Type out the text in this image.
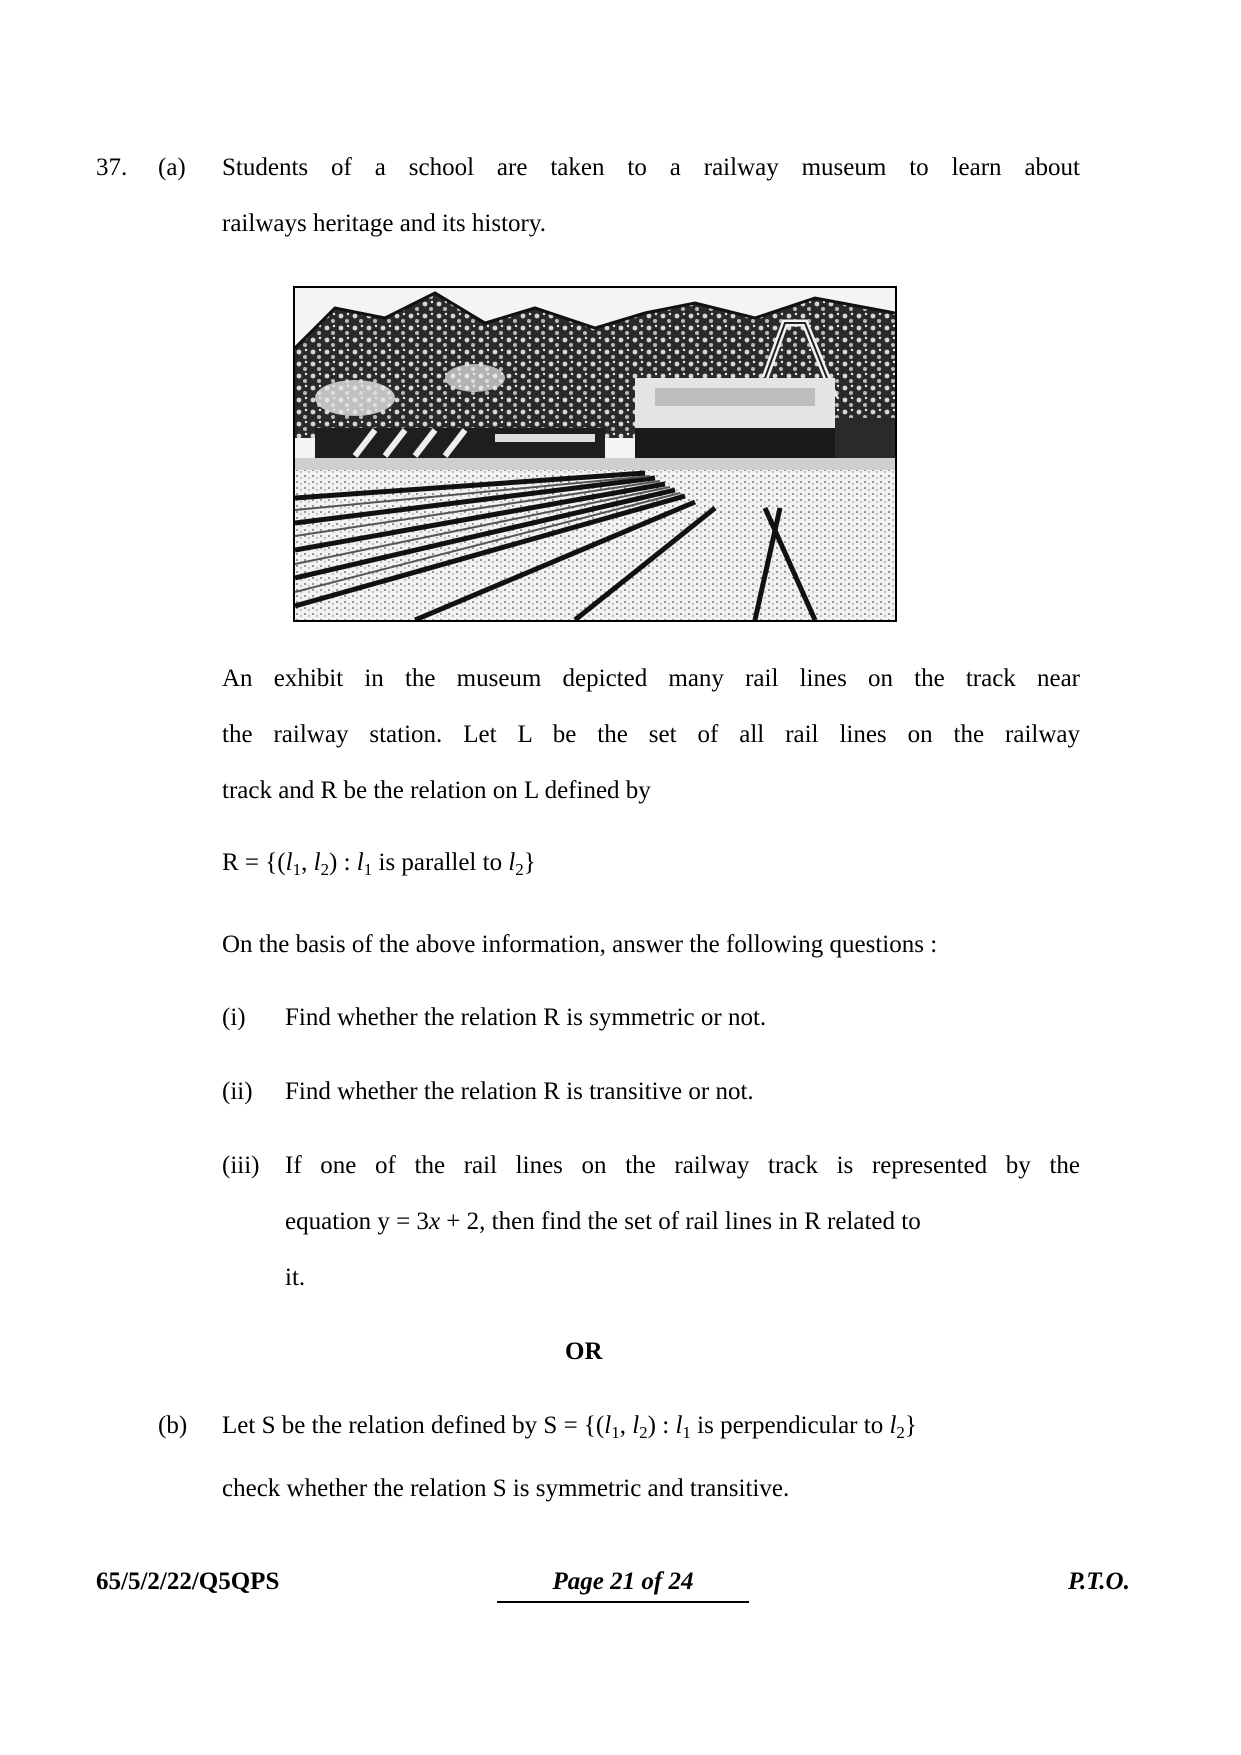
37. (a) Students of a school are taken to a railway museum to learn about
railways heritage and its history.
An exhibit in the museum depicted many rail lines on the track near
the railway station. Let L be the set of all rail lines on the railway
track and R be the relation on L defined by
$R = \{(l_1$, $l_2$) : $l_1$ is parallel to $l_2$}
On the basis of the above information, answer the following questions :
(i) Find whether the relation R is symmetric or not.
(ii) Find whether the relation R is transitive or not.
(iii) If one of the rail lines on the railway track is represented by the
equation y = 3x + 2, then find the set of rail lines in R related to
it.
OR
(b) Let S be the relation defined by $S = \{(l_1$, $l_2$) : $l_1$ is perpendicular to $l_2$}
check whether the relation S is symmetric and transitive.
65/5/2/22/Q5QPS	Page 21 of 24	P.T.O.
